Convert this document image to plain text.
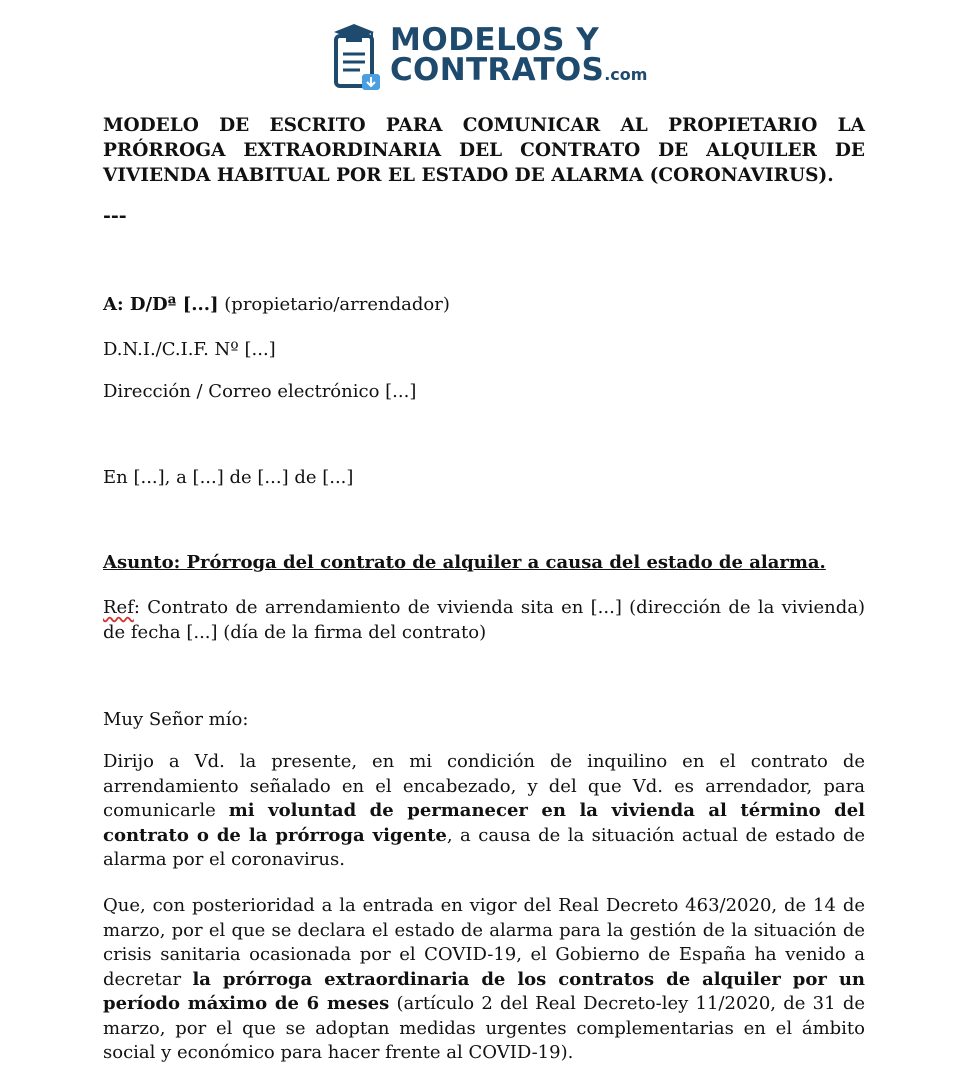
MODELOS Y
CONTRATOS.com
MODELO DE ESCRITO PARA COMUNICAR AL PROPIETARIO LA PRÓRROGA EXTRAORDINARIA DEL CONTRATO DE ALQUILER DE VIVIENDA HABITUAL POR EL ESTADO DE ALARMA (CORONAVIRUS).
---
A: D/Dª [...] (propietario/arrendador)
D.N.I./C.I.F. Nº [...]
Dirección / Correo electrónico [...]
En [...], a [...] de [...] de [...]
Asunto: Prórroga del contrato de alquiler a causa del estado de alarma.
Ref: Contrato de arrendamiento de vivienda sita en [...] (dirección de la vivienda) de fecha [...] (día de la firma del contrato)
Muy Señor mío:
Dirijo a Vd. la presente, en mi condición de inquilino en el contrato de arrendamiento señalado en el encabezado, y del que Vd. es arrendador, para comunicarle mi voluntad de permanecer en la vivienda al término del contrato o de la prórroga vigente, a causa de la situación actual de estado de alarma por el coronavirus.
Que, con posterioridad a la entrada en vigor del Real Decreto 463/2020, de 14 de marzo, por el que se declara el estado de alarma para la gestión de la situación de crisis sanitaria ocasionada por el COVID-19, el Gobierno de España ha venido a decretar la prórroga extraordinaria de los contratos de alquiler por un período máximo de 6 meses (artículo 2 del Real Decreto-ley 11/2020, de 31 de marzo, por el que se adoptan medidas urgentes complementarias en el ámbito social y económico para hacer frente al COVID-19).
